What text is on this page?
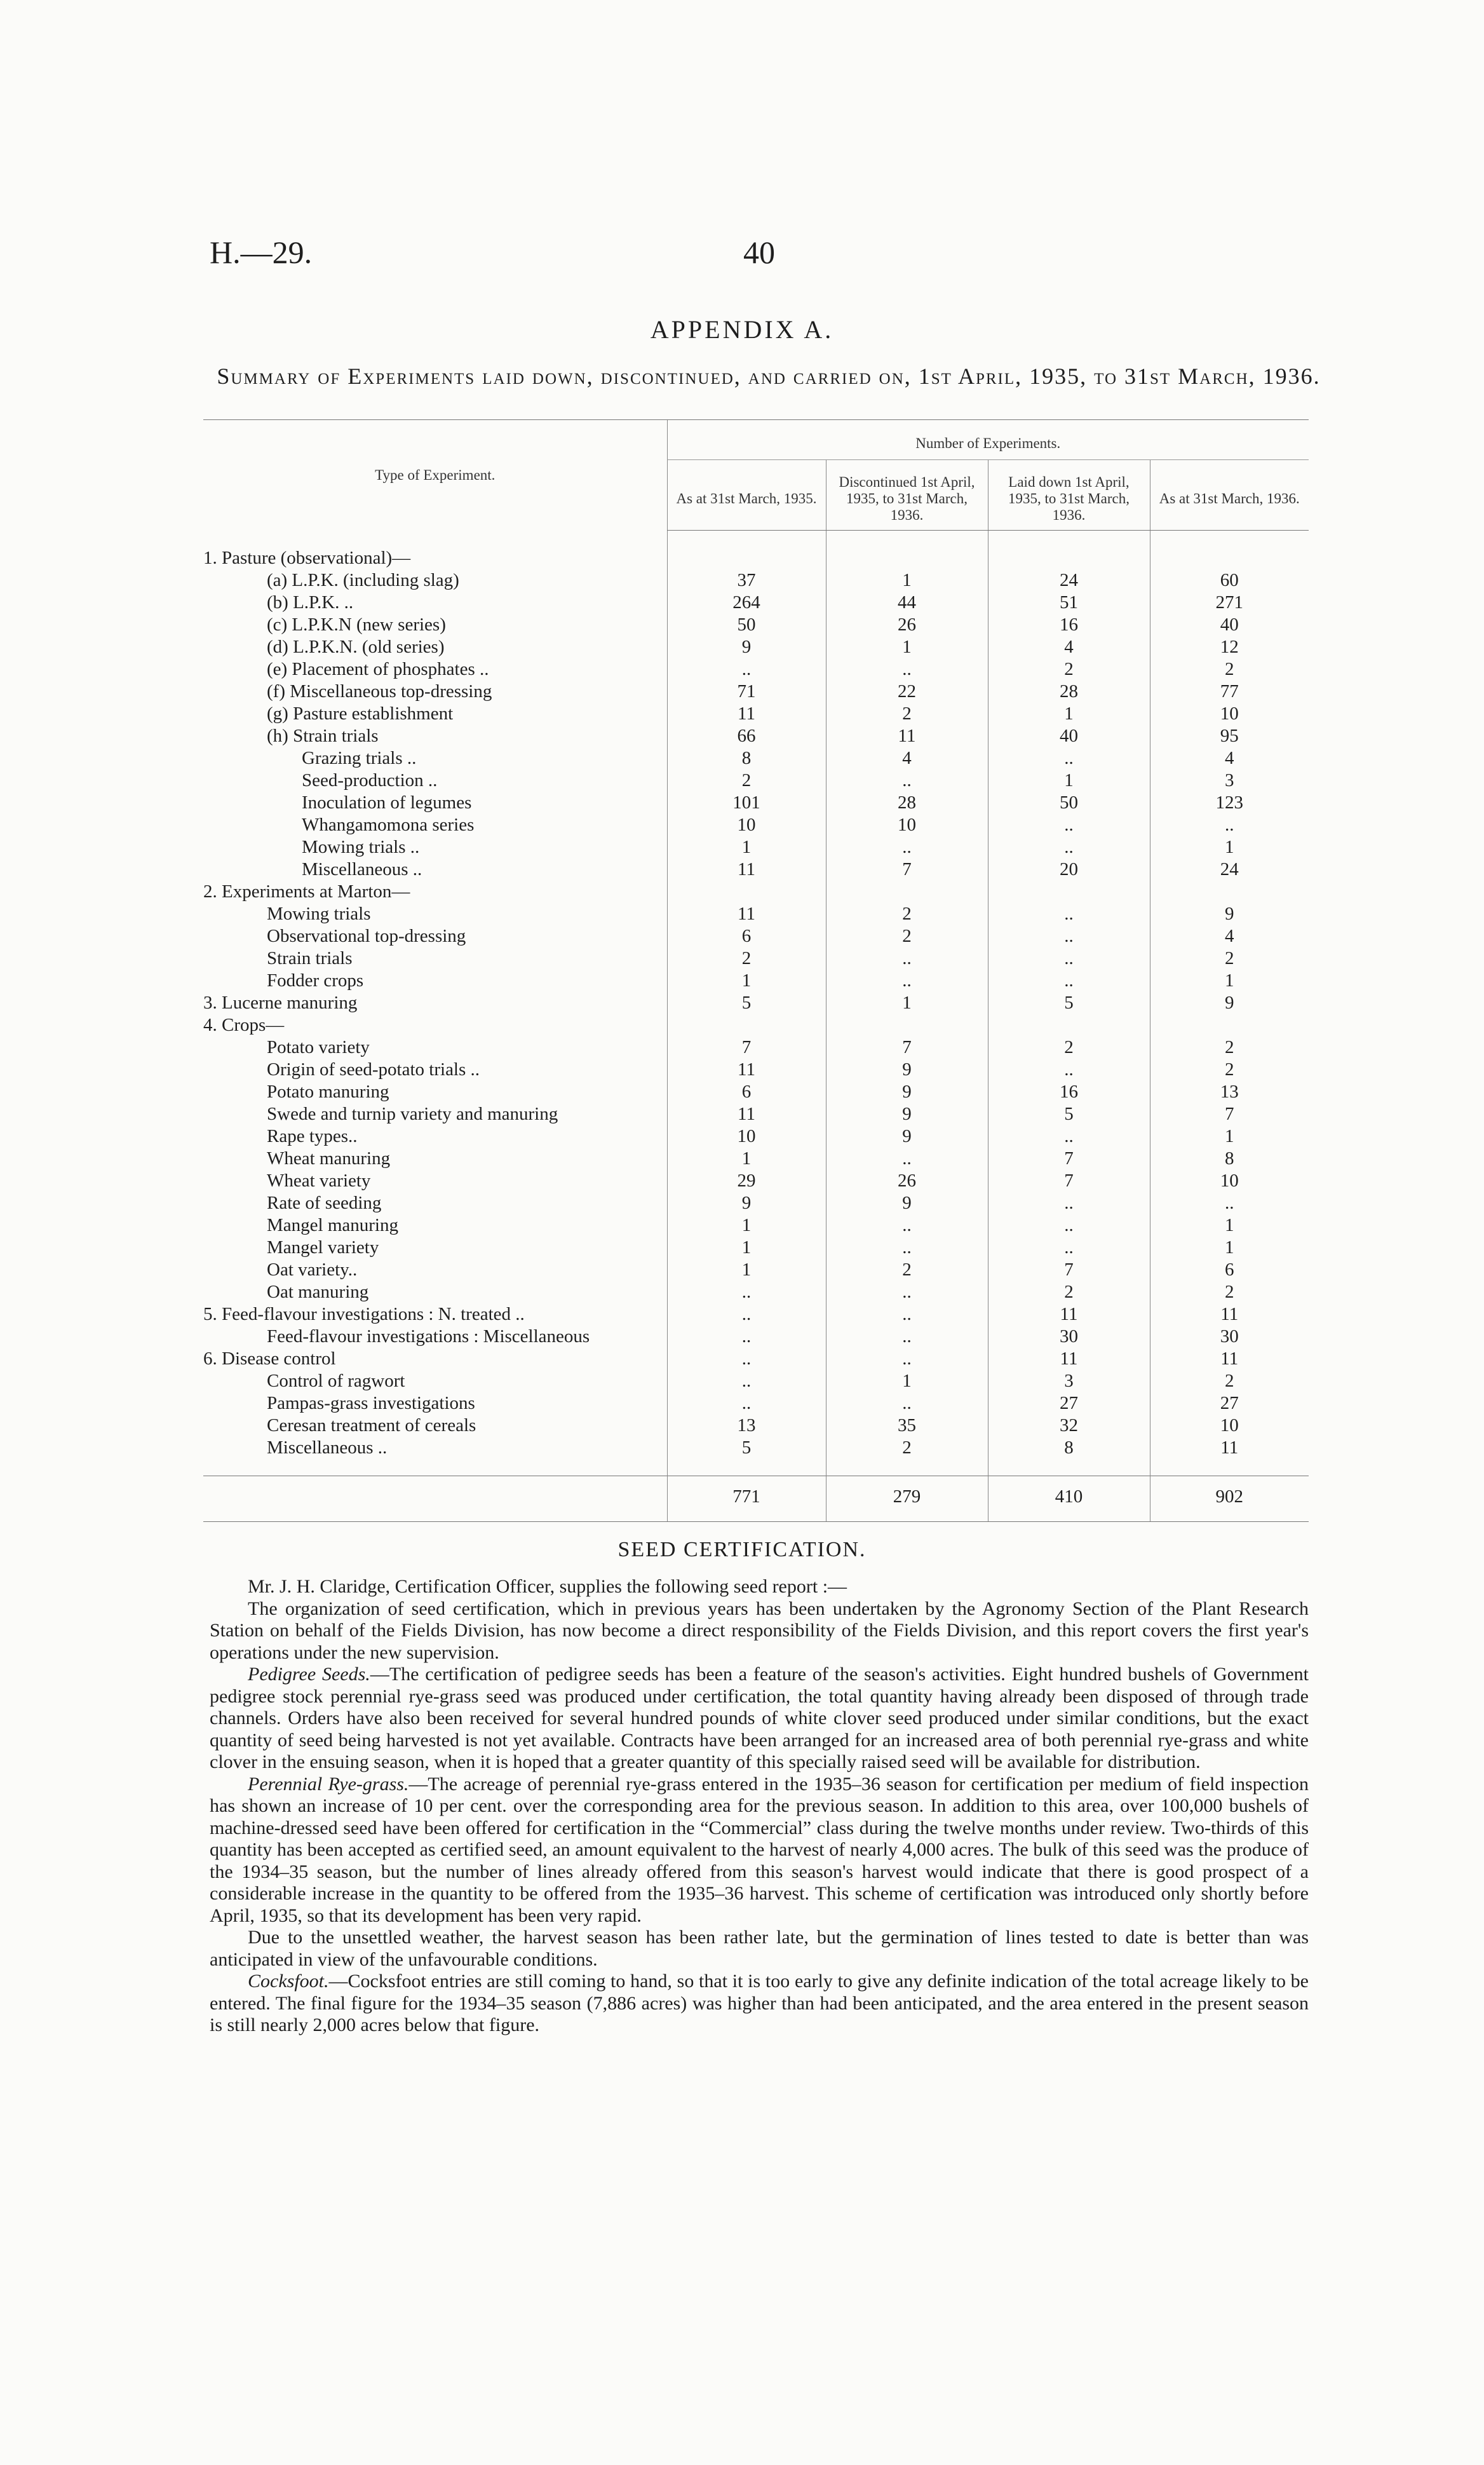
H.—29.	40
APPENDIX A.
Summary of Experiments laid down, discontinued, and carried on, 1st April, 1935, to 31st March, 1936.
Type of Experiment.	Number of Experiments.			
	As at 31st March, 1935.	Discontinued 1st April, 1935, to 31st March, 1936.	Laid down 1st April, 1935, to 31st March, 1936.	As at 31st March, 1936.

1. Pasture (observational)—				
(a) L.P.K. (including slag)	37	1	24	60
(b) L.P.K. ..	264	44	51	271
(c) L.P.K.N (new series)	50	26	16	40
(d) L.P.K.N. (old series)	9	1	4	12
(e) Placement of phosphates ..	..	..	2	2
(f) Miscellaneous top-dressing	71	22	28	77
(g) Pasture establishment	11	2	1	10
(h) Strain trials	66	11	40	95
Grazing trials ..	8	4	..	4
Seed-production ..	2	..	1	3
Inoculation of legumes	101	28	50	123
Whangamomona series	10	10	..	..
Mowing trials ..	1	..	..	1
Miscellaneous ..	11	7	20	24
2. Experiments at Marton—				
Mowing trials	11	2	..	9
Observational top-dressing	6	2	..	4
Strain trials	2	..	..	2
Fodder crops	1	..	..	1
3. Lucerne manuring	5	1	5	9
4. Crops—				
Potato variety	7	7	2	2
Origin of seed-potato trials ..	11	9	..	2
Potato manuring	6	9	16	13
Swede and turnip variety and manuring	11	9	5	7
Rape types..	10	9	..	1
Wheat manuring	1	..	7	8
Wheat variety	29	26	7	10
Rate of seeding	9	9	..	..
Mangel manuring	1	..	..	1
Mangel variety	1	..	..	1
Oat variety..	1	2	7	6
Oat manuring	..	..	2	2
5. Feed-flavour investigations : N. treated ..	..	..	11	11
Feed-flavour investigations : Miscellaneous	..	..	30	30
6. Disease control	..	..	11	11
Control of ragwort	..	1	3	2
Pampas-grass investigations	..	..	27	27
Ceresan treatment of cereals	13	35	32	10
Miscellaneous ..	5	2	8	11

	771	279	410	902
SEED CERTIFICATION.

Mr. J. H. Claridge, Certification Officer, supplies the following seed report :—

The organization of seed certification, which in previous years has been undertaken by the Agronomy Section of the Plant Research Station on behalf of the Fields Division, has now become a direct responsibility of the Fields Division, and this report covers the first year's operations under the new supervision.

Pedigree Seeds.—The certification of pedigree seeds has been a feature of the season's activities. Eight hundred bushels of Government pedigree stock perennial rye-grass seed was produced under certification, the total quantity having already been disposed of through trade channels. Orders have also been received for several hundred pounds of white clover seed produced under similar conditions, but the exact quantity of seed being harvested is not yet available. Contracts have been arranged for an increased area of both perennial rye-grass and white clover in the ensuing season, when it is hoped that a greater quantity of this specially raised seed will be available for distribution.

Perennial Rye-grass.—The acreage of perennial rye-grass entered in the 1935–36 season for certification per medium of field inspection has shown an increase of 10 per cent. over the corresponding area for the previous season. In addition to this area, over 100,000 bushels of machine-dressed seed have been offered for certification in the “Commercial” class during the twelve months under review. Two-thirds of this quantity has been accepted as certified seed, an amount equivalent to the harvest of nearly 4,000 acres. The bulk of this seed was the produce of the 1934–35 season, but the number of lines already offered from this season's harvest would indicate that there is good prospect of a considerable increase in the quantity to be offered from the 1935–36 harvest. This scheme of certification was introduced only shortly before April, 1935, so that its development has been very rapid.

Due to the unsettled weather, the harvest season has been rather late, but the germination of lines tested to date is better than was anticipated in view of the unfavourable conditions.

Cocksfoot.—Cocksfoot entries are still coming to hand, so that it is too early to give any definite indication of the total acreage likely to be entered. The final figure for the 1934–35 season (7,886 acres) was higher than had been anticipated, and the area entered in the present season is still nearly 2,000 acres below that figure.
